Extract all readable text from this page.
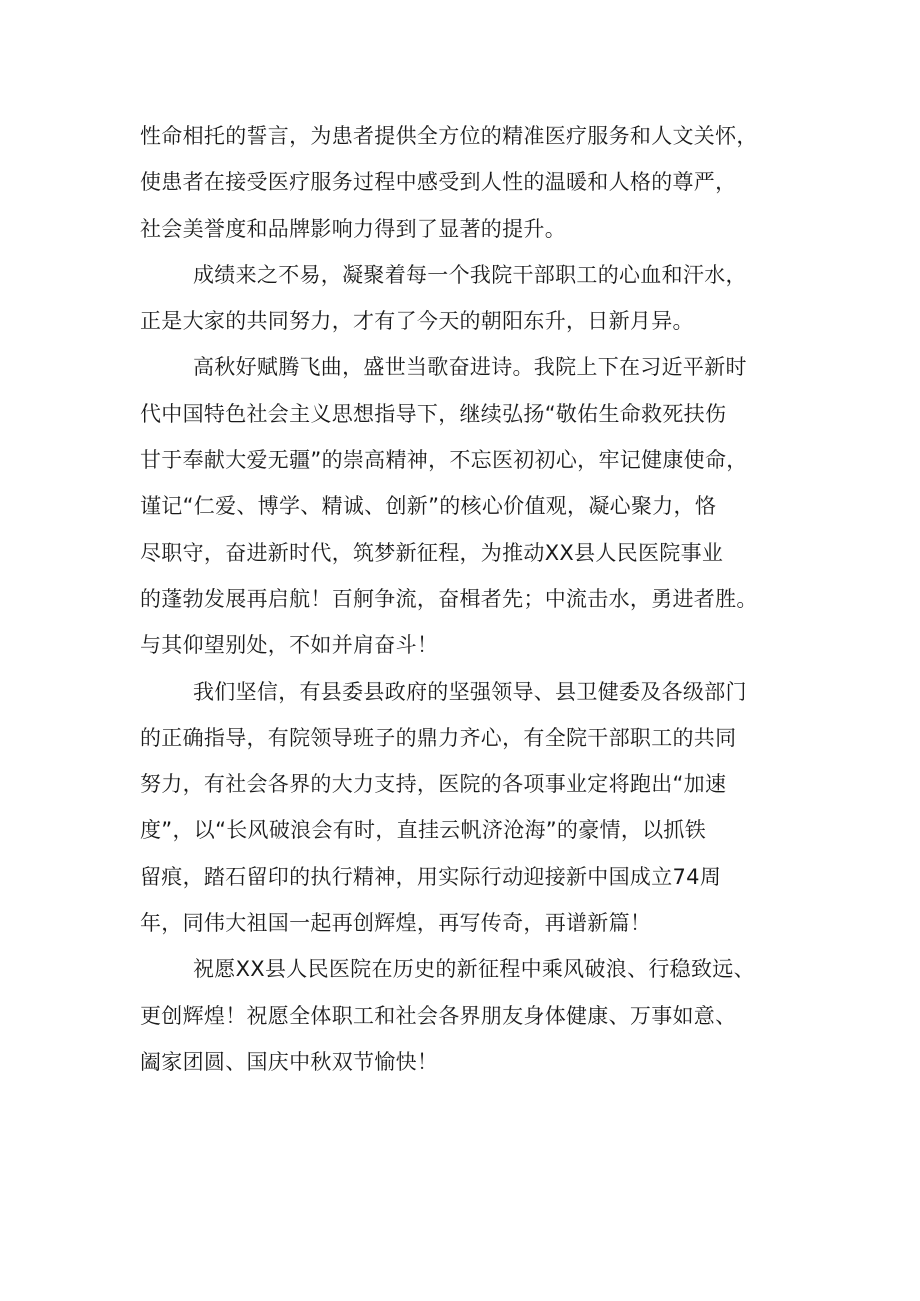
性命相托的誓言，为患者提供全方位的精准医疗服务和人文关怀，
使患者在接受医疗服务过程中感受到人性的温暖和人格的尊严，
社会美誉度和品牌影响力得到了显著的提升。
成绩来之不易，凝聚着每一个我院干部职工的心血和汗水，
正是大家的共同努力，才有了今天的朝阳东升，日新月异。
高秋好赋腾飞曲，盛世当歌奋进诗。我院上下在习近平新时
代中国特色社会主义思想指导下，继续弘扬“敬佑生命救死扶伤
甘于奉献大爱无疆”的崇高精神，不忘医初初心，牢记健康使命，
谨记“仁爱、博学、精诚、创新”的核心价值观，凝心聚力，恪
尽职守，奋进新时代，筑梦新征程，为推动XX县人民医院事业
的蓬勃发展再启航！百舸争流，奋楫者先；中流击水，勇进者胜。
与其仰望别处，不如并肩奋斗！
我们坚信，有县委县政府的坚强领导、县卫健委及各级部门
的正确指导，有院领导班子的鼎力齐心，有全院干部职工的共同
努力，有社会各界的大力支持，医院的各项事业定将跑出“加速
度”，以“长风破浪会有时，直挂云帆济沧海”的豪情，以抓铁
留痕，踏石留印的执行精神，用实际行动迎接新中国成立74周
年，同伟大祖国一起再创辉煌，再写传奇，再谱新篇！
祝愿XX县人民医院在历史的新征程中乘风破浪、行稳致远、
更创辉煌！祝愿全体职工和社会各界朋友身体健康、万事如意、
阖家团圆、国庆中秋双节愉快！
